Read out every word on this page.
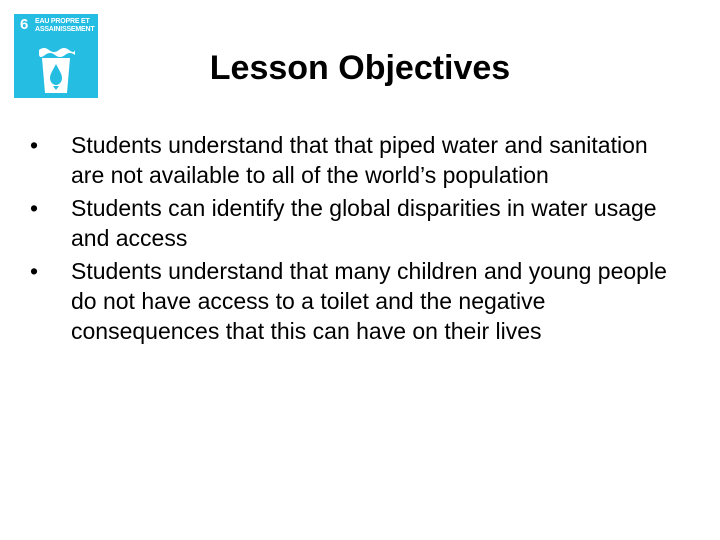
6 EAU PROPRE ET ASSAINISSEMENT
Lesson Objectives
•	Students understand that that piped water and sanitation are not available to all of the world’s population
•	Students can identify the global disparities in water usage and access
•	Students understand that many children and young people do not have access to a toilet and the negative consequences that this can have on their lives
